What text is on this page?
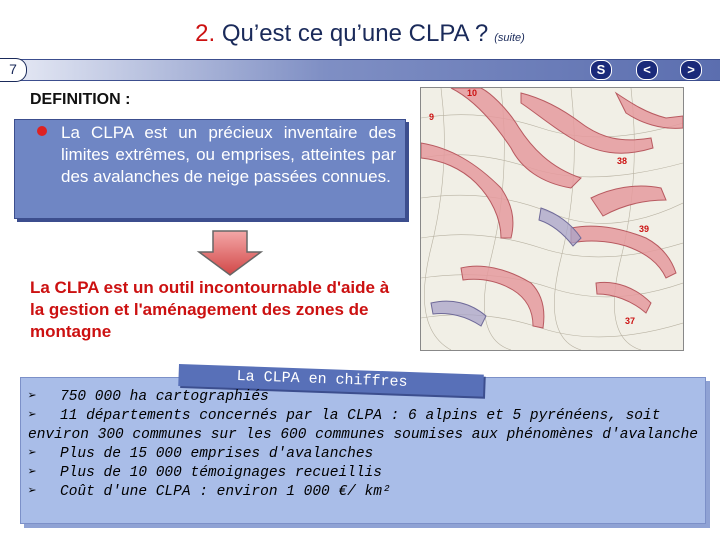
2. Qu’est ce qu’une CLPA ? (suite)
7	S	<	>
DEFINITION :
La CLPA est un précieux inventaire des limites extrêmes, ou emprises, atteintes par des avalanches de neige passées connues.
La CLPA est un outil incontournable d'aide à la gestion et l'aménagement des zones de montagne
10
9
38
39
37
La CLPA en chiffres

➢ 750 000 ha cartographiés

➢ 11 départements concernés par la CLPA : 6 alpins et 5 pyrénéens, soit environ 300 communes sur les 600 communes soumises aux phénomènes d'avalanche

➢ Plus de 15 000 emprises d'avalanches

➢ Plus de 10 000 témoignages recueillis

➢ Coût d'une CLPA : environ 1 000 €/ km²
